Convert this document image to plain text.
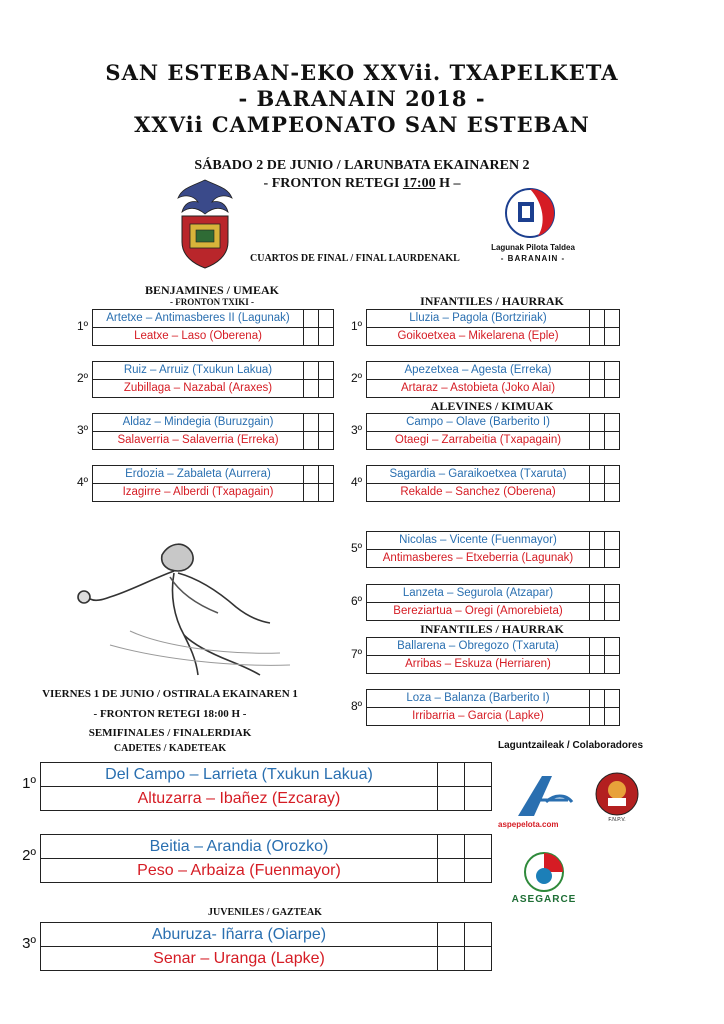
SAN ESTEBAN-EKO XXVii. TXAPELKETA
- BARANAIN 2018 -
XXVii CAMPEONATO SAN ESTEBAN
SÁBADO 2 DE JUNIO / LARUNBATA EKAINAREN 2
- FRONTON RETEGI 17:00 H –
CUARTOS DE FINAL / FINAL LAURDENAKL
Lagunak Pilota Taldea
- BARANAIN -
BENJAMINES / UMEAK
- FRONTON TXIKI -	INFANTILES / HAURRAK
ALEVINES / KIMUAK
INFANTILES / HAURRAK
1º
Artetxe – Antimasberes II (Lagunak)
Leatxe – Laso (Oberena)
2º
Ruiz – Arruiz (Txukun Lakua)
Zubillaga – Nazabal (Araxes)
3º
Aldaz – Mindegia (Buruzgain)
Salaverria – Salaverria (Erreka)
4º
Erdozia – Zabaleta (Aurrera)
Izagirre – Alberdi (Txapagain)
1º
Lluzia – Pagola (Bortziriak)
Goikoetxea – Mikelarena (Eple)
2º
Apezetxea – Agesta (Erreka)
Artaraz – Astobieta (Joko Alai)
3º
Campo – Olave (Barberito I)
Otaegi – Zarrabeitia (Txapagain)
4º
Sagardia – Garaikoetxea (Txaruta)
Rekalde – Sanchez (Oberena)
5º
Nicolas – Vicente (Fuenmayor)
Antimasberes – Etxeberria (Lagunak)
6º
Lanzeta – Segurola (Atzapar)
Bereziartua – Oregi (Amorebieta)
7º
Ballarena – Obregozo (Txaruta)
Arribas – Eskuza (Herriaren)
8º
Loza – Balanza (Barberito I)
Irribarria – Garcia (Lapke)
1º
Del Campo – Larrieta (Txukun Lakua)
Altuzarra – Ibañez (Ezcaray)
2º
Beitia – Arandia (Orozko)
Peso – Arbaiza (Fuenmayor)
3º
Aburuza- Iñarra (Oiarpe)
Senar – Uranga (Lapke)
VIERNES 1 DE JUNIO / OSTIRALA EKAINAREN 1
- FRONTON RETEGI 18:00 H -
SEMIFINALES / FINALERDIAK
CADETES / KADETEAK
JUVENILES / GAZTEAK
Laguntzaileak / Colaboradores
aspepelota.com	F.N.P.V.
ASEGARCE
